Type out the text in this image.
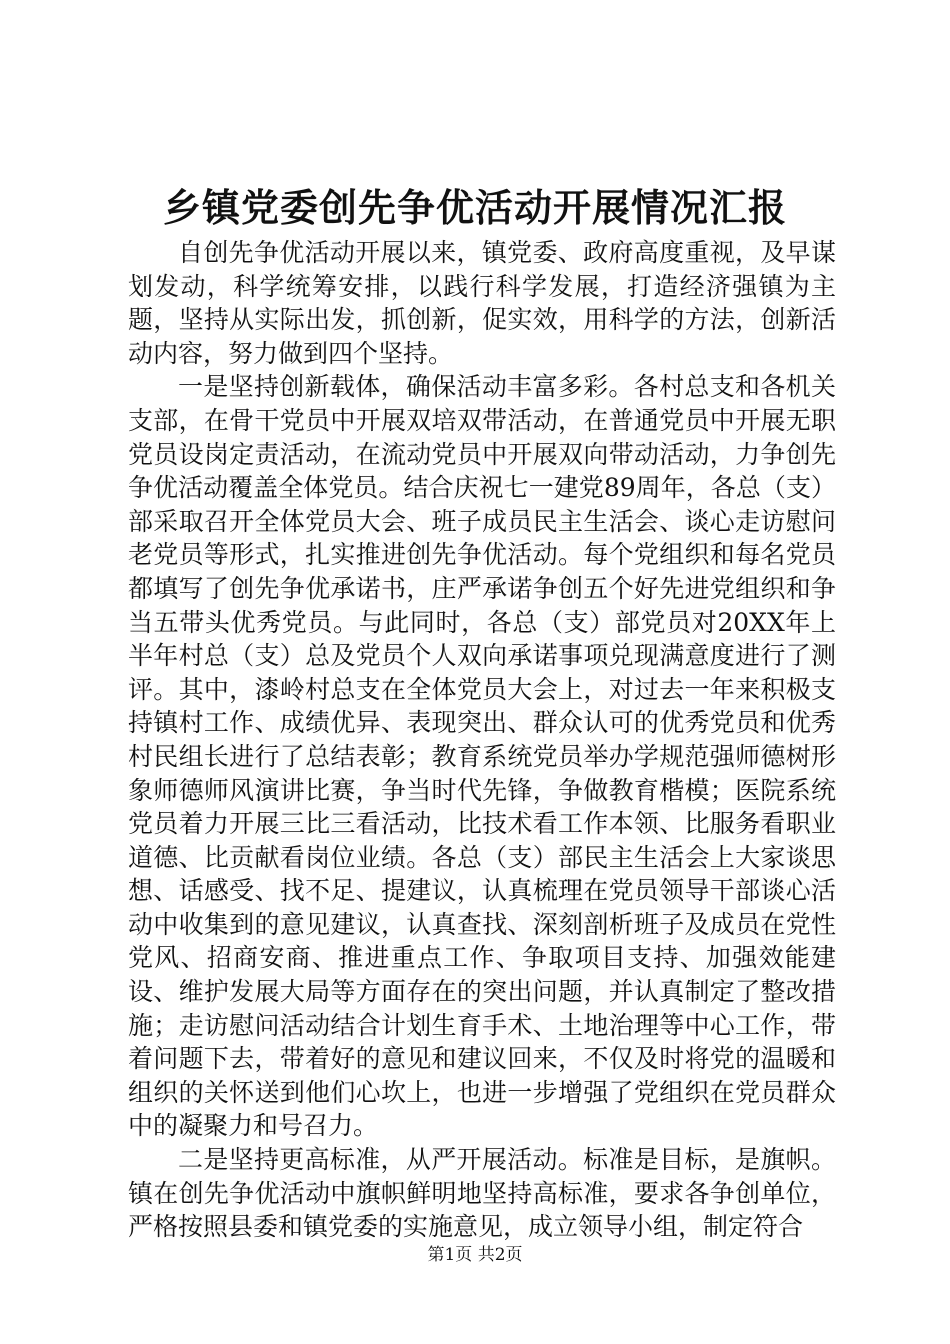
乡镇党委创先争优活动开展情况汇报

自创先争优活动开展以来，镇党委、政府高度重视，及早谋划发动，科学统筹安排，以践行科学发展，打造经济强镇为主题，坚持从实际出发，抓创新，促实效，用科学的方法，创新活动内容，努力做到四个坚持。

一是坚持创新载体，确保活动丰富多彩。各村总支和各机关支部，在骨干党员中开展双培双带活动，在普通党员中开展无职党员设岗定责活动，在流动党员中开展双向带动活动，力争创先争优活动覆盖全体党员。结合庆祝七一建党89周年，各总（支）部采取召开全体党员大会、班子成员民主生活会、谈心走访慰问老党员等形式，扎实推进创先争优活动。每个党组织和每名党员都填写了创先争优承诺书，庄严承诺争创五个好先进党组织和争当五带头优秀党员。与此同时，各总（支）部党员对20XX年上半年村总（支）总及党员个人双向承诺事项兑现满意度进行了测评。其中，漆岭村总支在全体党员大会上，对过去一年来积极支持镇村工作、成绩优异、表现突出、群众认可的优秀党员和优秀村民组长进行了总结表彰；教育系统党员举办学规范强师德树形象师德师风演讲比赛，争当时代先锋，争做教育楷模；医院系统党员着力开展三比三看活动，比技术看工作本领、比服务看职业道德、比贡献看岗位业绩。各总（支）部民主生活会上大家谈思想、话感受、找不足、提建议，认真梳理在党员领导干部谈心活动中收集到的意见建议，认真查找、深刻剖析班子及成员在党性党风、招商安商、推进重点工作、争取项目支持、加强效能建设、维护发展大局等方面存在的突出问题，并认真制定了整改措施；走访慰问活动结合计划生育手术、土地治理等中心工作，带着问题下去，带着好的意见和建议回来，不仅及时将党的温暖和组织的关怀送到他们心坎上，也进一步增强了党组织在党员群众中的凝聚力和号召力。

二是坚持更高标准，从严开展活动。标准是目标，是旗帜。镇在创先争优活动中旗帜鲜明地坚持高标准，要求各争创单位，严格按照县委和镇党委的实施意见，成立领导小组，制定符合

第1页 共2页
